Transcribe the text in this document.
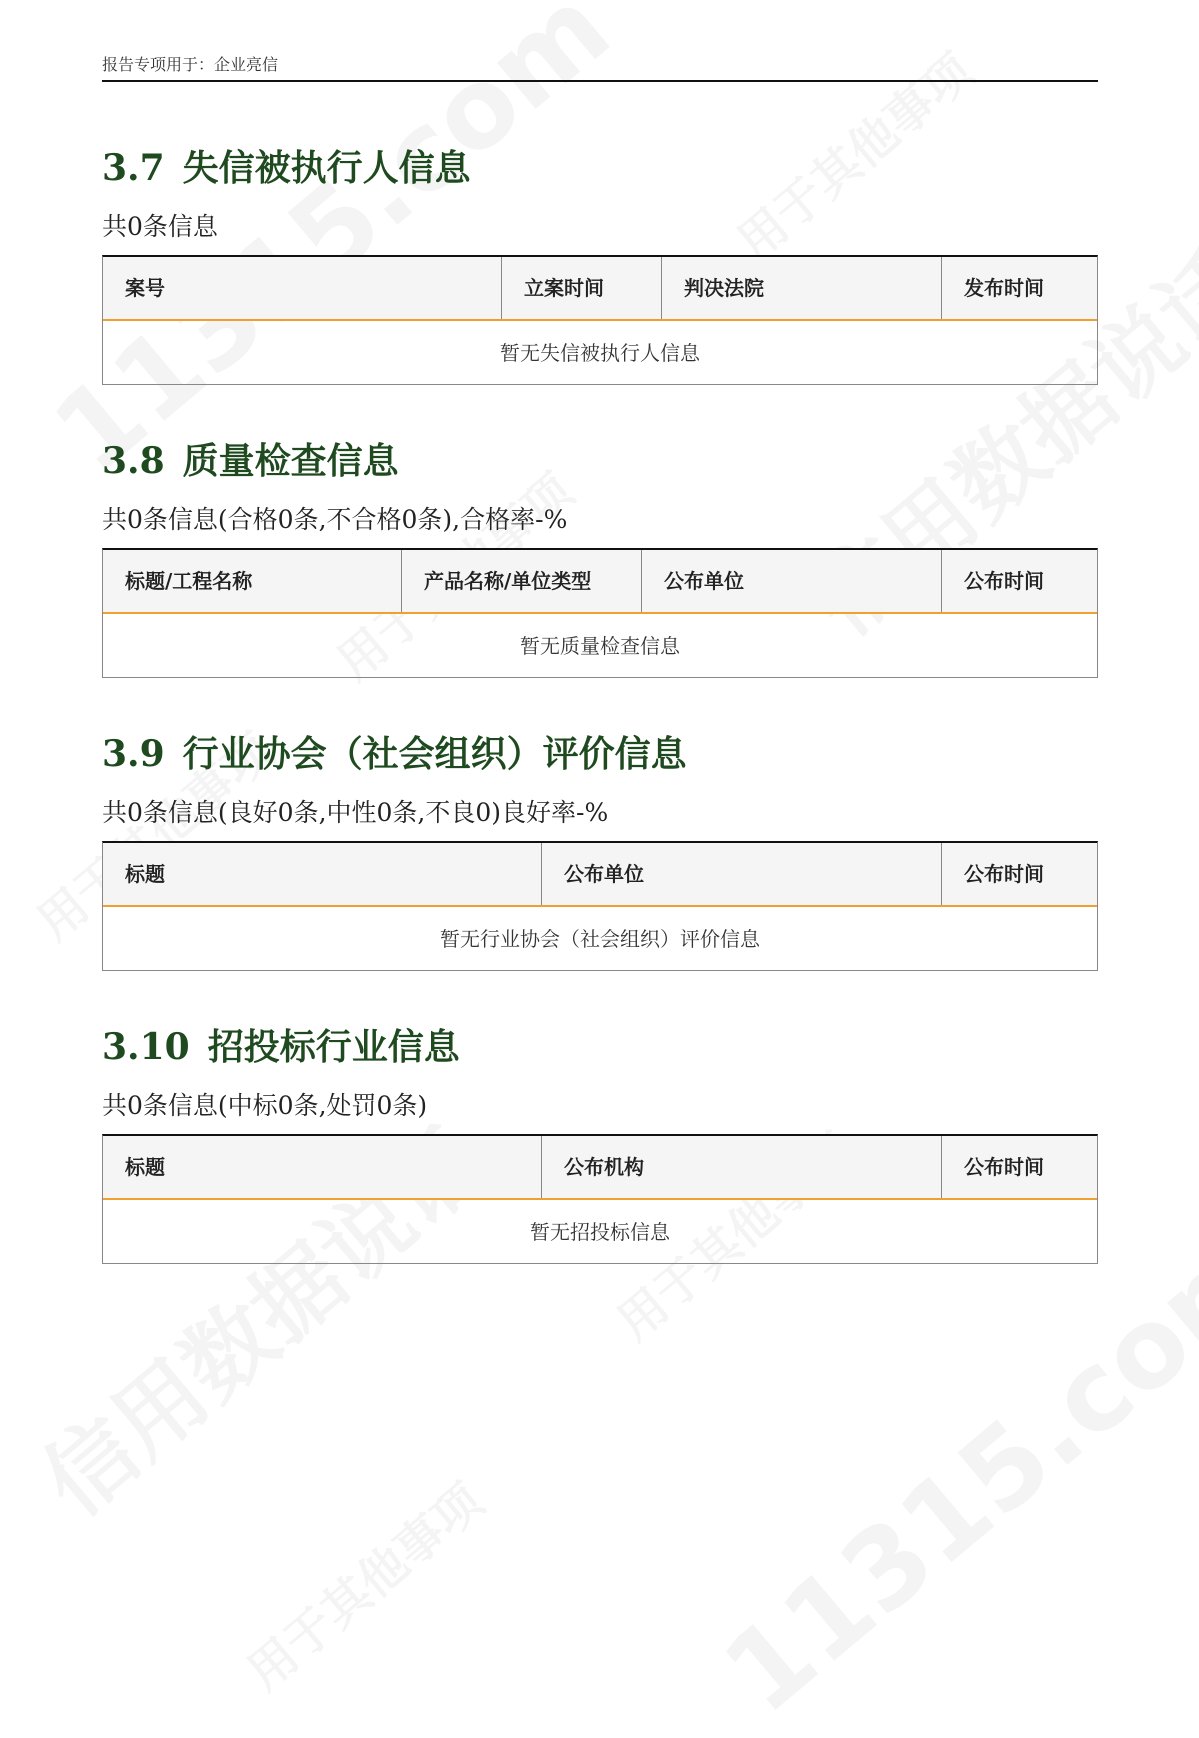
报告专项用于：企业亮信
3.7 失信被执行人信息
共0条信息
案号	立案时间	判决法院	发布时间
暂无失信被执行人信息
3.8 质量检查信息
共0条信息(合格0条,不合格0条),合格率-%
标题/工程名称	产品名称/单位类型	公布单位	公布时间
暂无质量检查信息
3.9 行业协会（社会组织）评价信息
共0条信息(良好0条,中性0条,不良0)良好率-%
标题	公布单位	公布时间
暂无行业协会（社会组织）评价信息
3.10 招投标行业信息
共0条信息(中标0条,处罚0条)
标题	公布机构	公布时间
暂无招投标信息
